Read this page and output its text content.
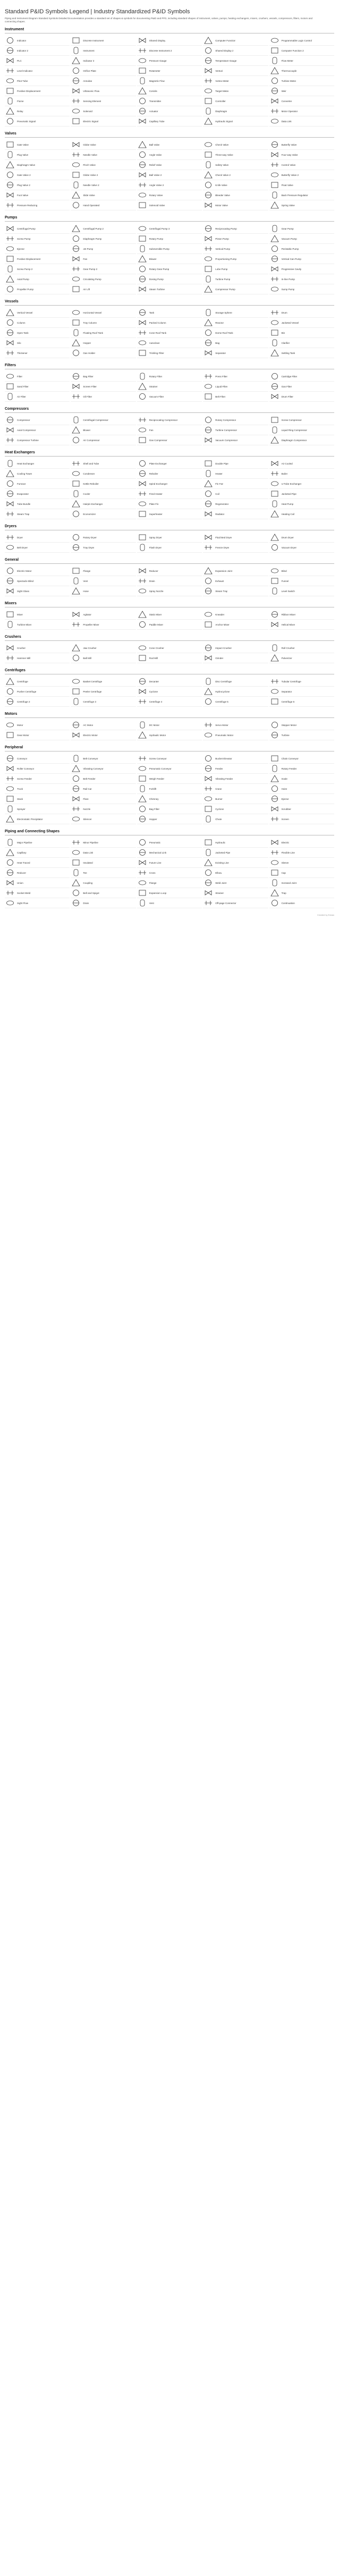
Standard P&ID Symbols Legend | Industry Standardized P&ID Symbols

Piping and Instrument Diagram Standard Symbols Detailed Documentation provides a standard set of shapes & symbols for documenting P&ID and PFD, including standard shapes of instrument, valves, pumps, heating exchangers, mixers, crushers, vessels, compressors, filters, motors and connecting shapes.

Instrument
Indicator	Discrete Instrument	Shared Display	Computer Function	Programmable Logic Control
Indicator 2	Instrument	Discrete Instrument 2	Shared Display 2	Computer Function 2
PLC	Indicator 3	Pressure Gauge	Temperature Gauge	Flow Meter
Level Indicator	Orifice Plate	Rotameter	Venturi	Thermocouple
Pitot Tube	Annubar	Magnetic Flow	Vortex Meter	Turbine Meter
Positive Displacement	Ultrasonic Flow	Coriolis	Target Meter	Weir
Flume	Sensing Element	Transmitter	Controller	Converter
Relay	Solenoid	Actuator	Diaphragm	Motor Operator
Pneumatic Signal	Electric Signal	Capillary Tube	Hydraulic Signal	Data Link
Valves
Gate Valve	Globe Valve	Ball Valve	Check Valve	Butterfly Valve
Plug Valve	Needle Valve	Angle Valve	Three-way Valve	Four-way Valve
Diaphragm Valve	Pinch Valve	Relief Valve	Safety Valve	Control Valve
Gate Valve 2	Globe Valve 2	Ball Valve 2	Check Valve 2	Butterfly Valve 2
Plug Valve 2	Needle Valve 2	Angle Valve 2	Knife Valve	Float Valve
Foot Valve	Slide Valve	Rotary Valve	Bleeder Valve	Back Pressure Regulator
Pressure Reducing	Hand Operated	Solenoid Valve	Motor Valve	Spring Valve
Pumps
Centrifugal Pump	Centrifugal Pump 2	Centrifugal Pump 3	Reciprocating Pump	Gear Pump
Screw Pump	Diaphragm Pump	Rotary Pump	Piston Pump	Vacuum Pump
Ejector	Jet Pump	Submersible Pump	Vertical Pump	Peristaltic Pump
Positive Displacement	Fan	Blower	Proportioning Pump	Vertical Can Pump
Screw Pump 2	Gear Pump 2	Rotary Gear Pump	Lobe Pump	Progressive Cavity
Axial Pump	Circulating Pump	Dosing Pump	Turbine Pump	In-line Pump
Propeller Pump	Air Lift	Steam Turbine	Compressor Pump	Sump Pump
Vessels
Vertical Vessel	Horizontal Vessel	Tank	Storage Sphere	Drum
Column	Tray Column	Packed Column	Reactor	Jacketed Vessel
Open Tank	Floating Roof Tank	Cone Roof Tank	Dome Roof Tank	Bin
Silo	Hopper	Autoclave	Bag	Clarifier
Thickener	Gas Holder	Trickling Filter	Separator	Settling Tank
Filters
Filter	Bag Filter	Rotary Filter	Press Filter	Cartridge Filter
Sand Filter	Screen Filter	Strainer	Liquid Filter	Gas Filter
Air Filter	Oil Filter	Vacuum Filter	Belt Filter	Drum Filter
Compressors
Compressor	Centrifugal Compressor	Reciprocating Compressor	Rotary Compressor	Screw Compressor
Axial Compressor	Blower	Fan	Turbine Compressor	Liquid Ring Compressor
Compressor Turbine	Air Compressor	Gas Compressor	Vacuum Compressor	Diaphragm Compressor
Heat Exchangers
Heat Exchanger	Shell and Tube	Plate Exchanger	Double Pipe	Air Cooled
Cooling Tower	Condenser	Reboiler	Heater	Boiler
Furnace	Kettle Reboiler	Spiral Exchanger	Fin Fan	U-Tube Exchanger
Evaporator	Cooler	Fired Heater	Coil	Jacketed Pipe
Tube Bundle	Hairpin Exchanger	Plate Fin	Regenerator	Heat Pump
Steam Trap	Economizer	Superheater	Radiator	Heating Coil
Dryers
Dryer	Rotary Dryer	Spray Dryer	Fluid Bed Dryer	Drum Dryer
Belt Dryer	Tray Dryer	Flash Dryer	Freeze Dryer	Vacuum Dryer
General
Electric Motor	Flange	Reducer	Expansion Joint	Blind
Spectacle Blind	Vent	Drain	Exhaust	Funnel
Sight Glass	Hose	Spray Nozzle	Steam Trap	Level Switch
Mixers
Mixer	Agitator	Static Mixer	Kneader	Ribbon Mixer
Turbine Mixer	Propeller Mixer	Paddle Mixer	Anchor Mixer	Helical Mixer
Crushers
Crusher	Jaw Crusher	Cone Crusher	Impact Crusher	Roll Crusher
Hammer Mill	Ball Mill	Rod Mill	Grinder	Pulverizer
Centrifuges
Centrifuge	Basket Centrifuge	Decanter	Disc Centrifuge	Tubular Centrifuge
Pusher Centrifuge	Peeler Centrifuge	Cyclone	Hydrocyclone	Separator
Centrifuge 2	Centrifuge 3	Centrifuge 4	Centrifuge 5	Centrifuge 6
Motors
Motor	AC Motor	DC Motor	Servo Motor	Stepper Motor
Gear Motor	Electric Motor	Hydraulic Motor	Pneumatic Motor	Turbine
Peripheral
Conveyor	Belt Conveyor	Screw Conveyor	Bucket Elevator	Chain Conveyor
Roller Conveyor	Vibrating Conveyor	Pneumatic Conveyor	Feeder	Rotary Feeder
Screw Feeder	Belt Feeder	Weigh Feeder	Vibrating Feeder	Scale
Truck	Rail Car	Forklift	Crane	Hoist
Stack	Flare	Chimney	Burner	Ejector
Sprayer	Nozzle	Bag Filter	Cyclone	Scrubber
Electrostatic Precipitator	Silencer	Hopper	Chute	Screen
Piping and Connecting Shapes
Major Pipeline	Minor Pipeline	Pneumatic	Hydraulic	Electric
Capillary	Data Link	Mechanical Link	Jacketed Pipe	Flexible Line
Heat Traced	Insulated	Future Line	Existing Line	Sleeve
Reducer	Tee	Cross	Elbow	Cap
Union	Coupling	Flange	Weld Joint	Screwed Joint
Socket Weld	Bell and Spigot	Expansion Loop	Strainer	Trap
Sight Flow	Drain	Vent	Off-page Connector	Continuation
Created by Edraw
